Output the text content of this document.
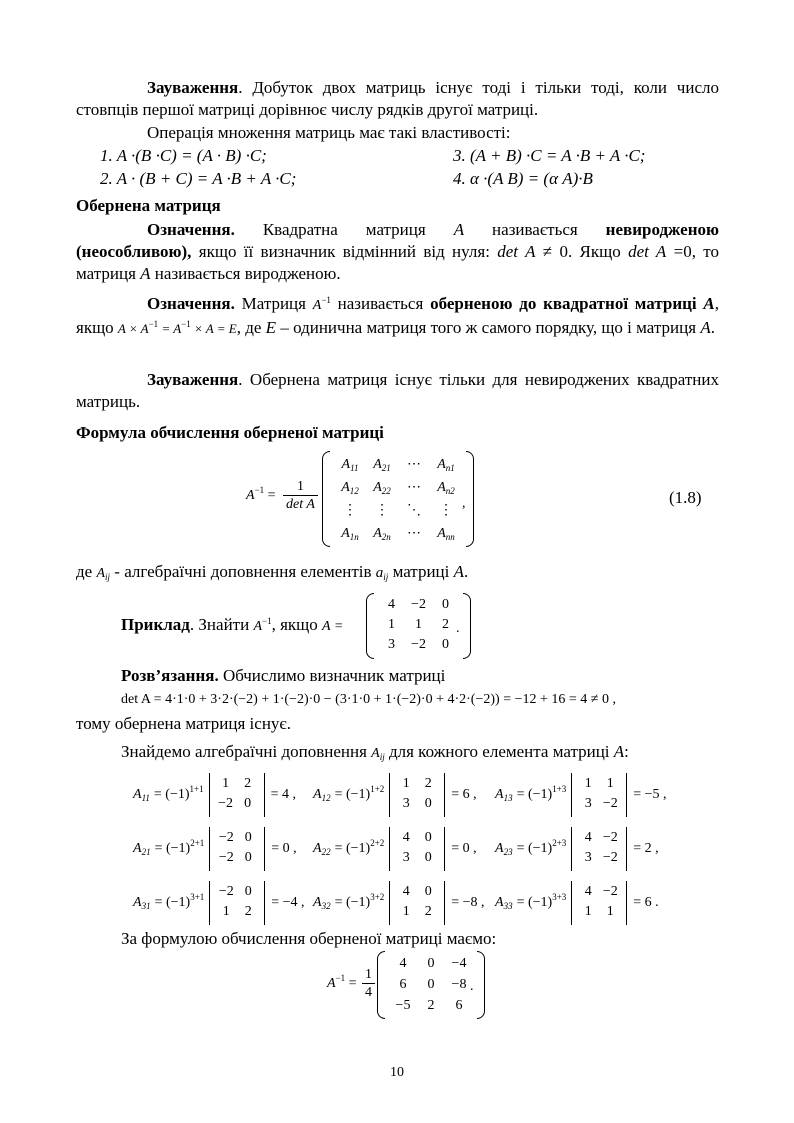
Зауваження. Добуток двох матриць існує тоді і тільки тоді, коли число стовпців першої матриці дорівнює числу рядків другої матриці.
Операція множення матриць має такі властивості:
1. A ·(B ·C) = (A · B) ·C;
2. A · (B + C) = A ·B + A ·C;
3. (A + B) ·C = A ·B + A ·C;
4. α ·(A B) = (α A)·B
Обернена матриця
Означення. Квадратна матриця A називається невиродженою (неособливою), якщо її визначник відмінний від нуля: det A ≠ 0. Якщо det A =0, то матриця A називається виродженою.
Означення. Матриця $A^{-1}$ називається оберненою до квадратної матриці A, якщо $A \times A^{-1} = A^{-1} \times A = E$, де E – одинична матриця того ж самого порядку, що і матриця A.
Зауваження. Обернена матриця існує тільки для невироджених квадратних матриць.
Формула обчислення оберненої матриці
$A^{-1}$ =
1
det A
$A_{11}$ $A_{21}$ ⋯ $A_{n1}$
$A_{12}$ $A_{22}$ ⋯ $A_{n2}$
⋮ ⋮ ⋱ ⋮
$A_{1n}$ $A_{2n}$ ⋯ $A_{nn}$
,	(1.8)
де $A_{ij}$ - алгебраїчні доповнення елементів $a_{ij}$ матриці A.
Приклад. Знайти $A^{-1}$, якщо A =
4 −2 0
1 1 2
3 −2 0
.
Розв’язання. Обчислимо визначник матриці
det A = 4·1·0 + 3·2·(−2) + 1·(−2)·0 − (3·1·0 + 1·(−2)·0 + 4·2·(−2)) = −12 + 16 = 4 ≠ 0 ,
тому обернена матриця існує.
Знайдемо алгебраїчні доповнення $A_{ij}$ для кожного елемента матриці A:
$A_{11} = (-1)^{1+1}$ 1 2
−2 0
= 4 ,
$A_{21} = (-1)^{2+1} -2$ 0
−2 0
= 0 ,
$A_{31} = (-1)^{3+1} -2$ 0
1 2
= −4 ,
$A_{12} = (-1)^{1+2}$ 1 2
3 0
= 6 ,
$A_{22} = (-1)^{2+2}$ 4 0
3 0
= 0 ,
$A_{32} = (-1)^{3+2}$ 4 0
1 2
= −8 ,
$A_{13} = (-1)^{1+3}$ 1 1
3 −2
= −5 ,
$A_{23} = (-1)^{2+3}$ 4 −2
3 −2
= 2 ,
$A_{33} = (-1)^{3+3}$ 4 −2
1 1
= 6 .
За формулою обчислення оберненої матриці маємо:
$A^{-1} = \frac{1}{4}$
4 0 −4
6 0 −8
−5 2 6
.
10
